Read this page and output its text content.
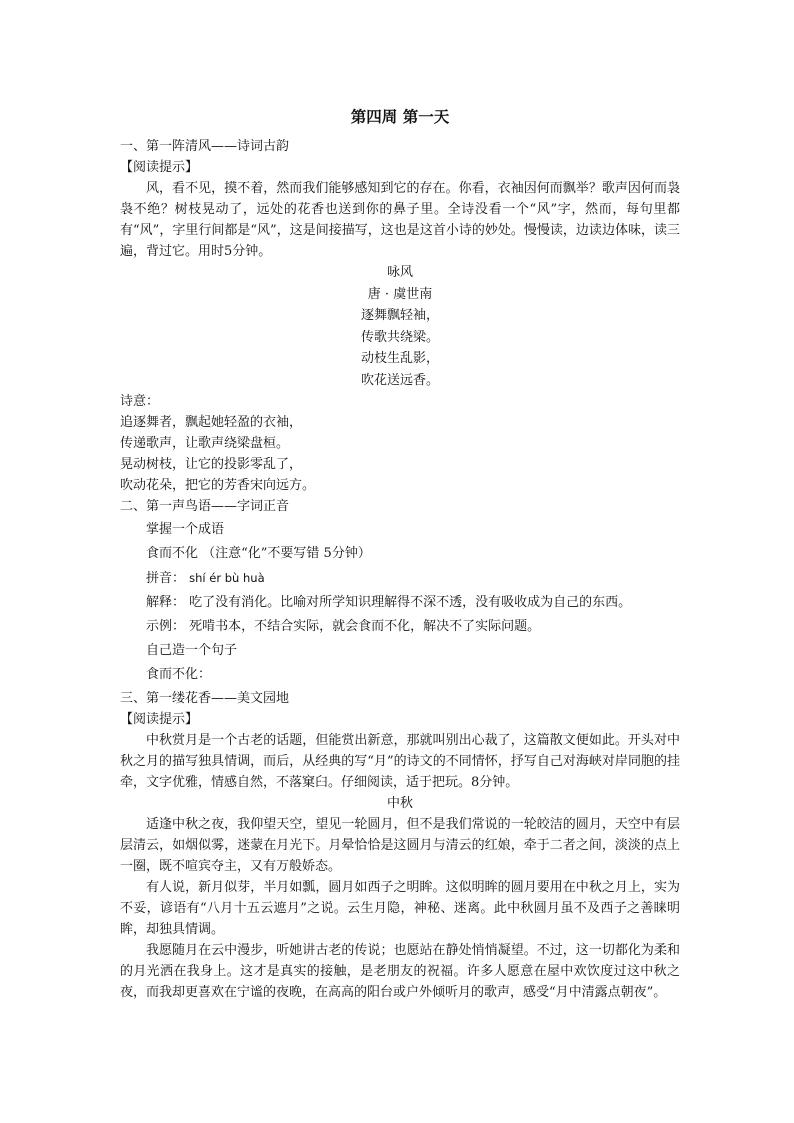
第四周 第一天
一、第一阵清风——诗词古韵
【阅读提示】

风，看不见，摸不着，然而我们能够感知到它的存在。你看，衣袖因何而飘举？歌声因何而袅袅不绝？树枝晃动了，远处的花香也送到你的鼻子里。全诗没看一个“风”字，然而，每句里都有“风”，字里行间都是“风”，这是间接描写，这也是这首小诗的妙处。慢慢读，边读边体味，读三遍，背过它。用时5分钟。

咏风
唐 · 虞世南
逐舞飘轻袖，
传歌共绕梁。
动枝生乱影，
吹花送远香。
诗意：
追逐舞者，飘起她轻盈的衣袖，
传递歌声，让歌声绕梁盘桓。
晃动树枝，让它的投影零乱了，
吹动花朵，把它的芳香宋向远方。
二、第一声鸟语——字词正音
掌握一个成语
食而不化 （注意“化”不要写错 5分钟）
拼音： shí ér bù huà
解释： 吃了没有消化。比喻对所学知识理解得不深不透，没有吸收成为自己的东西。
示例： 死啃书本，不结合实际，就会食而不化，解决不了实际问题。
自己造一个句子
食而不化：
三、第一缕花香——美文园地
【阅读提示】

中秋赏月是一个古老的话题，但能赏出新意，那就叫别出心裁了，这篇散文便如此。开头对中秋之月的描写独具情调，而后，从经典的写“月”的诗文的不同情怀，抒写自己对海峡对岸同胞的挂牵，文字优雅，情感自然，不落窠臼。仔细阅读，适于把玩。8分钟。

中秋

适逢中秋之夜，我仰望天空，望见一轮圆月，但不是我们常说的一轮皎洁的圆月，天空中有层层清云，如烟似雾，迷蒙在月光下。月晕恰恰是这圆月与清云的红娘，牵于二者之间，淡淡的点上一圈，既不喧宾夺主，又有万般娇态。

有人说，新月似芽，半月如瓢，圆月如西子之明眸。这似明眸的圆月要用在中秋之月上，实为不妥，谚语有“八月十五云遮月”之说。云生月隐，神秘、迷离。此中秋圆月虽不及西子之善睐明眸，却独具情调。

我愿随月在云中漫步，听她讲古老的传说；也愿站在静处悄悄凝望。不过，这一切都化为柔和的月光洒在我身上。这才是真实的接触，是老朋友的祝福。许多人愿意在屋中欢饮度过这中秋之夜，而我却更喜欢在宁谧的夜晚，在高高的阳台或户外倾听月的歌声，感受“月中清露点朝夜”。
